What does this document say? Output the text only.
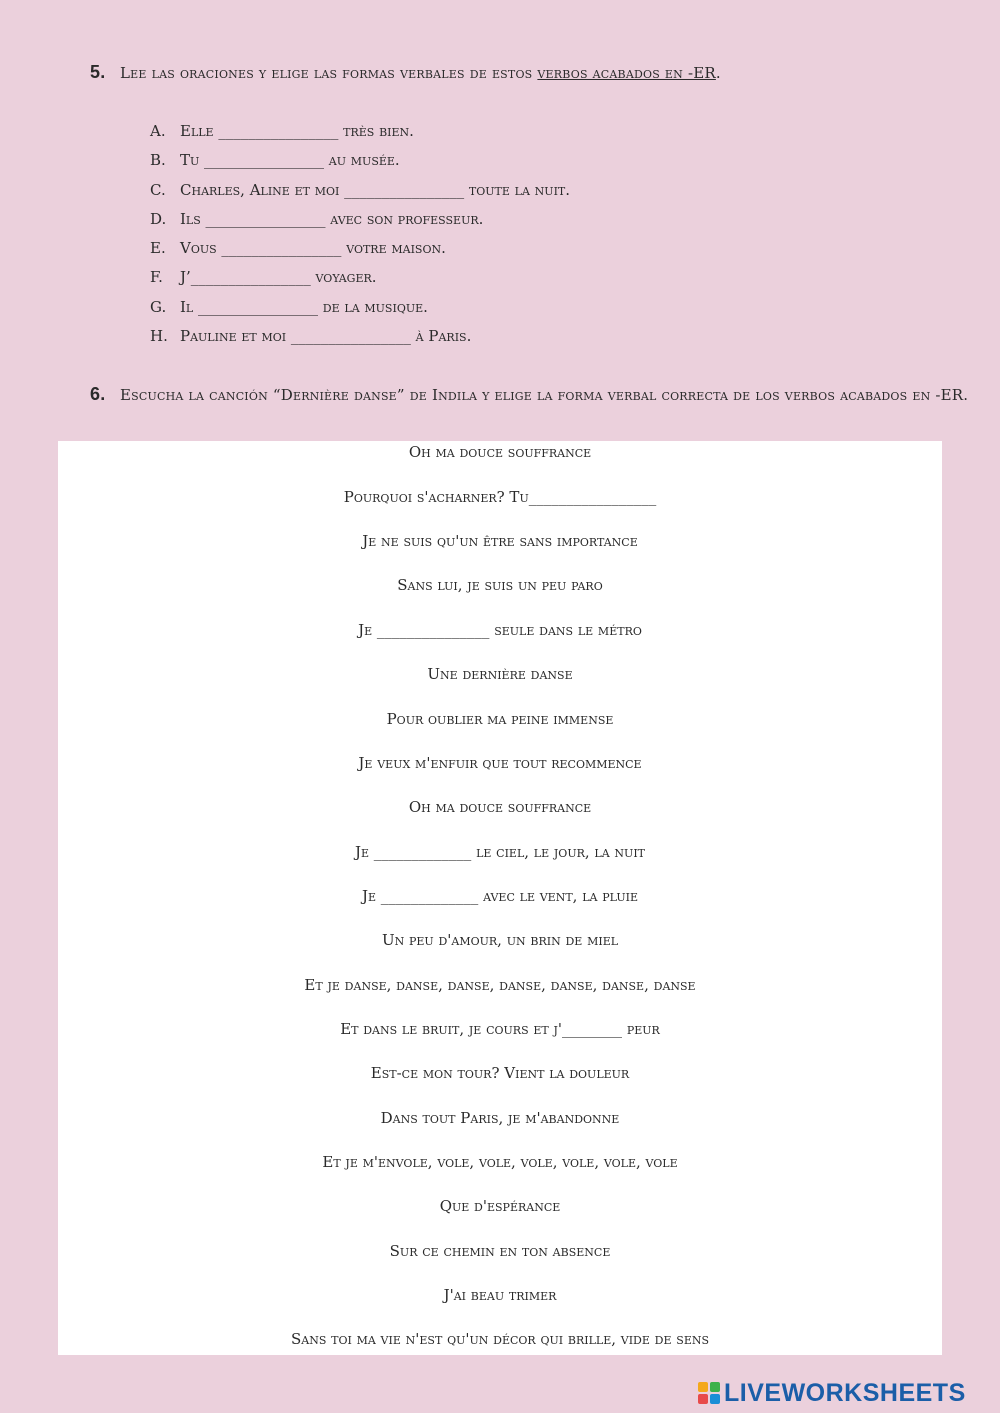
5. Lee las oraciones y elige las formas verbales de estos verbos acabados en -ER.
A. Elle ________________ très bien.
B. Tu ________________ au musée.
C. Charles, Aline et moi ________________ toute la nuit.
D. Ils ________________ avec son professeur.
E. Vous ________________ votre maison.
F. J’________________ voyager.
G. Il ________________ de la musique.
H. Pauline et moi ________________ à Paris.
6. Escucha la canción “Dernière danse” de Indila y elige la forma verbal correcta de los verbos acabados en -ER.
Oh ma douce souffrance
Pourquoi s'acharner? Tu_________________
Je ne suis qu'un être sans importance
Sans lui, je suis un peu paro
Je _______________ seule dans le métro
Une dernière danse
Pour oublier ma peine immense
Je veux m'enfuir que tout recommence
Oh ma douce souffrance
Je _____________ le ciel, le jour, la nuit
Je _____________ avec le vent, la pluie
Un peu d'amour, un brin de miel
Et je danse, danse, danse, danse, danse, danse, danse
Et dans le bruit, je cours et j'________ peur
Est-ce mon tour? Vient la douleur
Dans tout Paris, je m'abandonne
Et je m'envole, vole, vole, vole, vole, vole, vole
Que d'espérance
Sur ce chemin en ton absence
J'ai beau trimer
Sans toi ma vie n'est qu'un décor qui brille, vide de sens
LIVEWORKSHEETS
